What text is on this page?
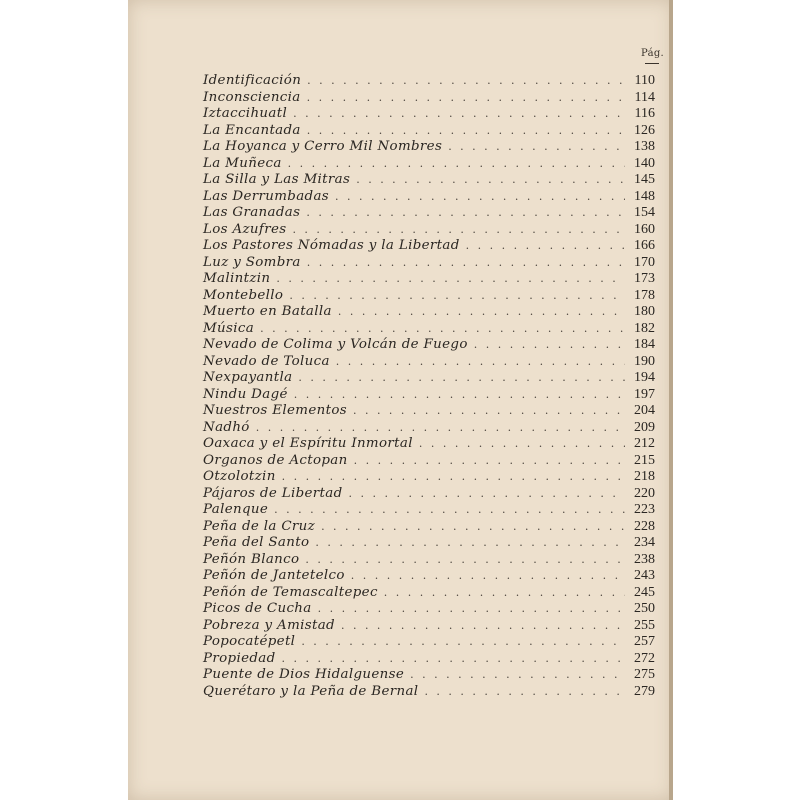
Pág.
Identificación . . .	110
Inconsciencia . . .	114
Iztaccihuatl . . .	116
La Encantada . . .	126
La Hoyanca y Cerro Mil Nombres . . .	138
La Muñeca . . .	140
La Silla y Las Mitras . . .	145
Las Derrumbadas . . .	148
Las Granadas . . .	154
Los Azufres . . .	160
Los Pastores Nómadas y la Libertad . . .	166
Luz y Sombra . . .	170
Malintzin . . .	173
Montebello . . .	178
Muerto en Batalla . . .	180
Música . . .	182
Nevado de Colima y Volcán de Fuego . . .	184
Nevado de Toluca . . .	190
Nexpayantla . . .	194
Nindu Dagé . . .	197
Nuestros Elementos . . .	204
Nadhó . . .	209
Oaxaca y el Espíritu Inmortal . . .	212
Organos de Actopan . . .	215
Otzolotzin . . .	218
Pájaros de Libertad . . .	220
Palenque . . .	223
Peña de la Cruz . . .	228
Peña del Santo . . .	234
Peñón Blanco . . .	238
Peñón de Jantetelco . . .	243
Peñón de Temascaltepec . . .	245
Picos de Cucha . . .	250
Pobreza y Amistad . . .	255
Popocatépetl . . .	257
Propiedad . . .	272
Puente de Dios Hidalguense . . .	275
Querétaro y la Peña de Bernal . . .	279
